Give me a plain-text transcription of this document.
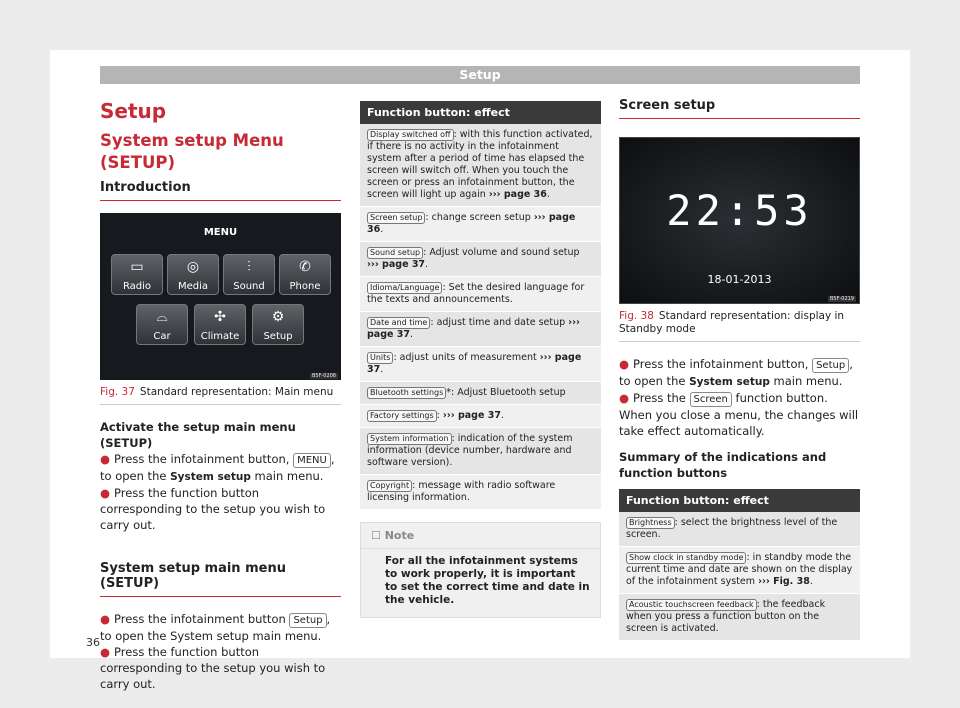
Setup
Setup
System setup Menu (SETUP)
Introduction
MENU
▭
Radio
◎
Media
⫶
Sound
✆
Phone
⌓
Car
✣
Climate
⚙
Setup
B5F-0208
Fig. 37 Standard representation: Main menu
Activate the setup main menu (SETUP)
● Press the infotainment button, MENU , to open the System setup main menu.
● Press the function button corresponding to the setup you wish to carry out.
System setup main menu (SETUP)
● Press the infotainment button Setup , to open the System setup main menu.
● Press the function button corresponding to the setup you wish to carry out.
Function button: effect
Display switched off : with this function activated, if there is no activity in the infotainment system after a period of time has elapsed the screen will switch off. When you touch the screen or press an infotainment button, the screen will light up again ››› page 36.
Screen setup : change screen setup ››› page 36.
Sound setup : Adjust volume and sound setup ››› page 37.
Idioma/Language : Set the desired language for the texts and announcements.
Date and time : adjust time and date setup ››› page 37.
Units : adjust units of measurement ››› page 37.
Bluetooth settings *: Adjust Bluetooth setup
Factory settings : ››› page 37.
System information : indication of the system information (device number, hardware and software version).
Copyright : message with radio software licensing information.
☐ Note
For all the infotainment systems to work properly, it is important to set the correct time and date in the vehicle.
Screen setup
22:53
18-01-2013
B5F-0219
Fig. 38 Standard representation: display in Standby mode
● Press the infotainment button, Setup , to open the System setup main menu.
● Press the Screen function button. When you close a menu, the changes will take effect automatically.
Summary of the indications and function buttons
Function button: effect
Brightness : select the brightness level of the screen.
Show clock in standby mode : in standby mode the current time and date are shown on the display of the infotainment system ››› Fig. 38.
Acoustic touchscreen feedback : the feedback when you press a function button on the screen is activated.
36
